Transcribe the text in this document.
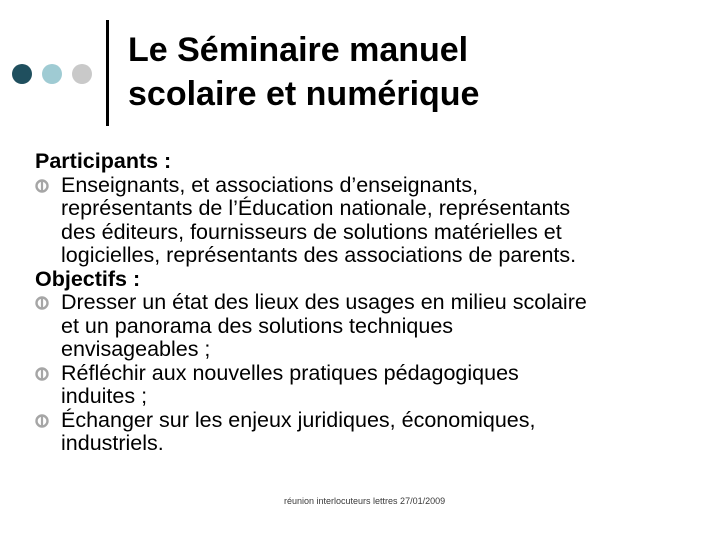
Le Séminaire manuel
scolaire et numérique
Participants :
Enseignants, et associations d’enseignants,
représentants de l’Éducation nationale, représentants
des éditeurs, fournisseurs de solutions matérielles et
logicielles, représentants des associations de parents.
Objectifs :
Dresser un état des lieux des usages en milieu scolaire
et un panorama des solutions techniques
envisageables ;
Réfléchir aux nouvelles pratiques pédagogiques
induites ;
Échanger sur les enjeux juridiques, économiques,
industriels.
réunion interlocuteurs lettres 27/01/2009
